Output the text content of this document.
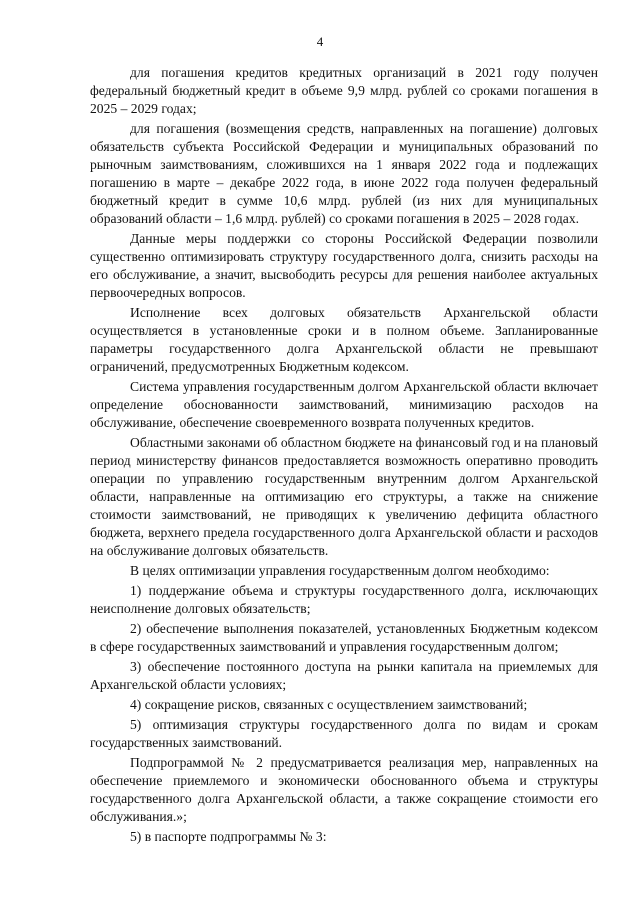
4

для погашения кредитов кредитных организаций в 2021 году получен федеральный бюджетный кредит в объеме 9,9 млрд. рублей со сроками погашения в 2025 – 2029 годах;

для погашения (возмещения средств, направленных на погашение) долговых обязательств субъекта Российской Федерации и муниципальных образований по рыночным заимствованиям, сложившихся на 1 января 2022 года и подлежащих погашению в марте – декабре 2022 года, в июне 2022 года получен федеральный бюджетный кредит в сумме 10,6 млрд. рублей (из них для муниципальных образований области – 1,6 млрд. рублей) со сроками погашения в 2025 – 2028 годах.

Данные меры поддержки со стороны Российской Федерации позволили существенно оптимизировать структуру государственного долга, снизить расходы на его обслуживание, а значит, высвободить ресурсы для решения наиболее актуальных первоочередных вопросов.

Исполнение всех долговых обязательств Архангельской области осуществляется в установленные сроки и в полном объеме. Запланированные параметры государственного долга Архангельской области не превышают ограничений, предусмотренных Бюджетным кодексом.

Система управления государственным долгом Архангельской области включает определение обоснованности заимствований, минимизацию расходов на обслуживание, обеспечение своевременного возврата полученных кредитов.

Областными законами об областном бюджете на финансовый год и на плановый период министерству финансов предоставляется возможность оперативно проводить операции по управлению государственным внутренним долгом Архангельской области, направленные на оптимизацию его структуры, а также на снижение стоимости заимствований, не приводящих к увеличению дефицита областного бюджета, верхнего предела государственного долга Архангельской области и расходов на обслуживание долговых обязательств.

В целях оптимизации управления государственным долгом необходимо:

1) поддержание объема и структуры государственного долга, исключающих неисполнение долговых обязательств;

2) обеспечение выполнения показателей, установленных Бюджетным кодексом в сфере государственных заимствований и управления государственным долгом;

3) обеспечение постоянного доступа на рынки капитала на приемлемых для Архангельской области условиях;

4) сокращение рисков, связанных с осуществлением заимствований;

5) оптимизация структуры государственного долга по видам и срокам государственных заимствований.

Подпрограммой № 2 предусматривается реализация мер, направленных на обеспечение приемлемого и экономически обоснованного объема и структуры государственного долга Архангельской области, а также сокращение стоимости его обслуживания.»;

5) в паспорте подпрограммы № 3:
